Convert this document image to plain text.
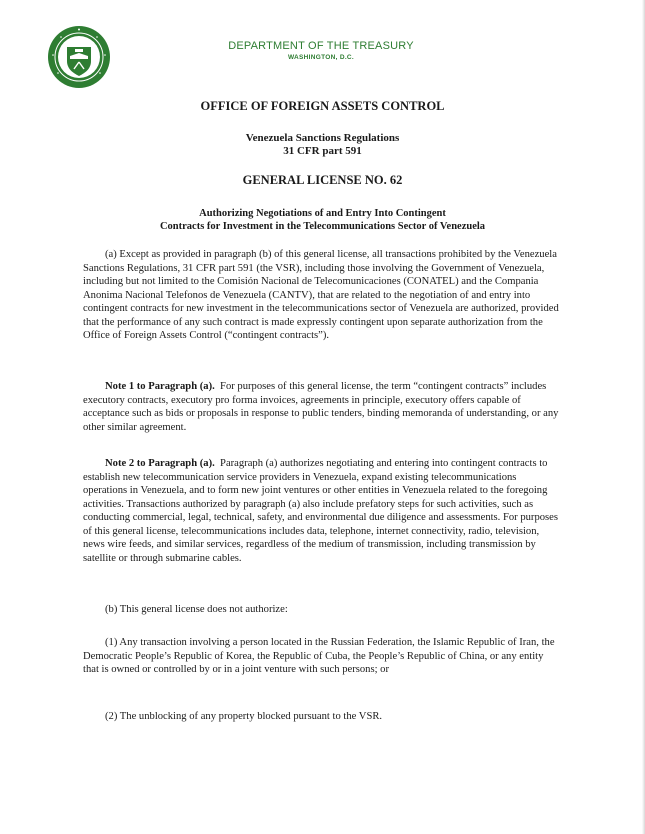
DEPARTMENT OF THE TREASURY
WASHINGTON, D.C.
OFFICE OF FOREIGN ASSETS CONTROL
Venezuela Sanctions Regulations
31 CFR part 591
GENERAL LICENSE NO. 62
Authorizing Negotiations of and Entry Into Contingent
Contracts for Investment in the Telecommunications Sector of Venezuela

(a) Except as provided in paragraph (b) of this general license, all transactions prohibited by the Venezuela Sanctions Regulations, 31 CFR part 591 (the VSR), including those involving the Government of Venezuela, including but not limited to the Comisión Nacional de Telecomunicaciones (CONATEL) and the Compania Anonima Nacional Telefonos de Venezuela (CANTV), that are related to the negotiation of and entry into contingent contracts for new investment in the telecommunications sector of Venezuela are authorized, provided that the performance of any such contract is made expressly contingent upon separate authorization from the Office of Foreign Assets Control (“contingent contracts”).

Note 1 to Paragraph (a). For purposes of this general license, the term “contingent contracts” includes executory contracts, executory pro forma invoices, agreements in principle, executory offers capable of acceptance such as bids or proposals in response to public tenders, binding memoranda of understanding, or any other similar agreement.

Note 2 to Paragraph (a). Paragraph (a) authorizes negotiating and entering into contingent contracts to establish new telecommunication service providers in Venezuela, expand existing telecommunications operations in Venezuela, and to form new joint ventures or other entities in Venezuela related to the foregoing activities. Transactions authorized by paragraph (a) also include prefatory steps for such activities, such as conducting commercial, legal, technical, safety, and environmental due diligence and assessments. For purposes of this general license, telecommunications includes data, telephone, internet connectivity, radio, television, news wire feeds, and similar services, regardless of the medium of transmission, including transmission by satellite or through submarine cables.

(b) This general license does not authorize:

(1) Any transaction involving a person located in the Russian Federation, the Islamic Republic of Iran, the Democratic People’s Republic of Korea, the Republic of Cuba, the People’s Republic of China, or any entity that is owned or controlled by or in a joint venture with such persons; or

(2) The unblocking of any property blocked pursuant to the VSR.
